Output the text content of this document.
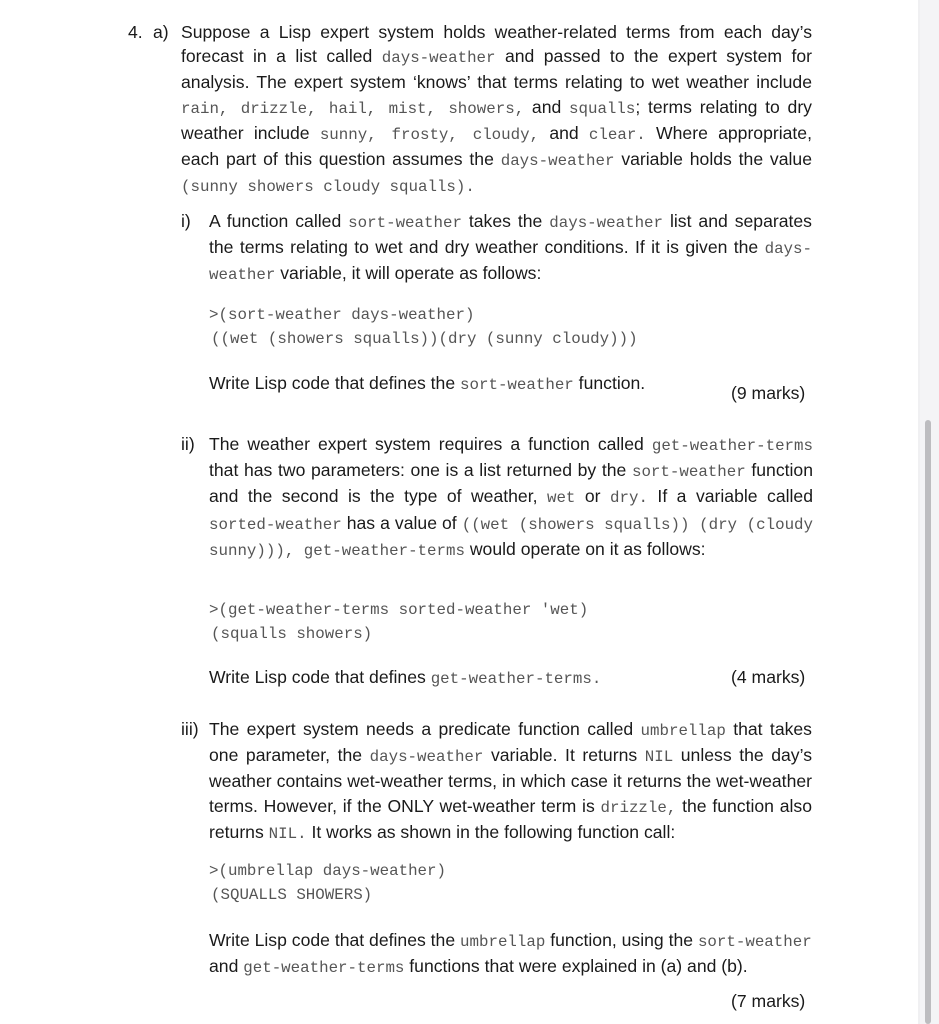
4. a) Suppose a Lisp expert system holds weather-related terms from each day’s forecast in a list called days-weather and passed to the expert system for analysis. The expert system ‘knows’ that terms relating to wet weather include rain, drizzle, hail, mist, showers, and squalls; terms relating to dry weather include sunny, frosty, cloudy, and clear. Where appropriate, each part of this question assumes the days-weather variable holds the value (sunny showers cloudy squalls).

i) A function called sort-weather takes the days-weather list and separates the terms relating to wet and dry weather conditions. If it is given the days-weather variable, it will operate as follows:

>(sort-weather days-weather)
((wet (showers squalls))(dry (sunny cloudy)))

Write Lisp code that defines the sort-weather function.	(9 marks)
ii) The weather expert system requires a function called get-weather-terms that has two parameters: one is a list returned by the sort-weather function and the second is the type of weather, wet or dry. If a variable called sorted-weather has a value of ((wet (showers squalls)) (dry (cloudy sunny))), get-weather-terms would operate on it as follows:

>(get-weather-terms sorted-weather 'wet)
(squalls showers)

Write Lisp code that defines get-weather-terms.	(4 marks)
iii) The expert system needs a predicate function called umbrellap that takes one parameter, the days-weather variable. It returns NIL unless the day’s weather contains wet-weather terms, in which case it returns the wet-weather terms. However, if the ONLY wet-weather term is drizzle, the function also returns NIL. It works as shown in the following function call:

>(umbrellap days-weather)
(SQUALLS SHOWERS)

Write Lisp code that defines the umbrellap function, using the sort-weather
and get-weather-terms functions that were explained in (a) and (b).

(7 marks)
